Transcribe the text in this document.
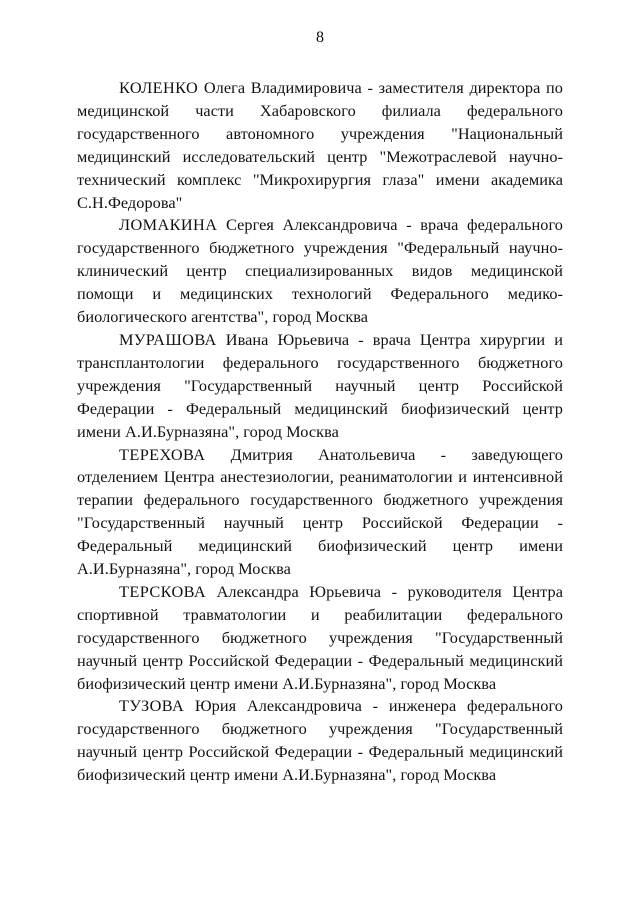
8

КОЛЕНКО Олега Владимировича - заместителя директора по медицинской части Хабаровского филиала федерального государственного автономного учреждения "Национальный медицинский исследовательский центр "Межотраслевой научно-технический комплекс "Микрохирургия глаза" имени академика С.Н.Федорова"

ЛОМАКИНА Сергея Александровича - врача федерального государственного бюджетного учреждения "Федеральный научно-клинический центр специализированных видов медицинской помощи и медицинских технологий Федерального медико-биологического агентства", город Москва

МУРАШОВА Ивана Юрьевича - врача Центра хирургии и трансплантологии федерального государственного бюджетного учреждения "Государственный научный центр Российской Федерации - Федеральный медицинский биофизический центр имени А.И.Бурназяна", город Москва

ТЕРЕХОВА Дмитрия Анатольевича - заведующего отделением Центра анестезиологии, реаниматологии и интенсивной терапии федерального государственного бюджетного учреждения "Государственный научный центр Российской Федерации - Федеральный медицинский биофизический центр имени А.И.Бурназяна", город Москва

ТЕРСКОВА Александра Юрьевича - руководителя Центра спортивной травматологии и реабилитации федерального государственного бюджетного учреждения "Государственный научный центр Российской Федерации - Федеральный медицинский биофизический центр имени А.И.Бурназяна", город Москва

ТУЗОВА Юрия Александровича - инженера федерального государственного бюджетного учреждения "Государственный научный центр Российской Федерации - Федеральный медицинский биофизический центр имени А.И.Бурназяна", город Москва
